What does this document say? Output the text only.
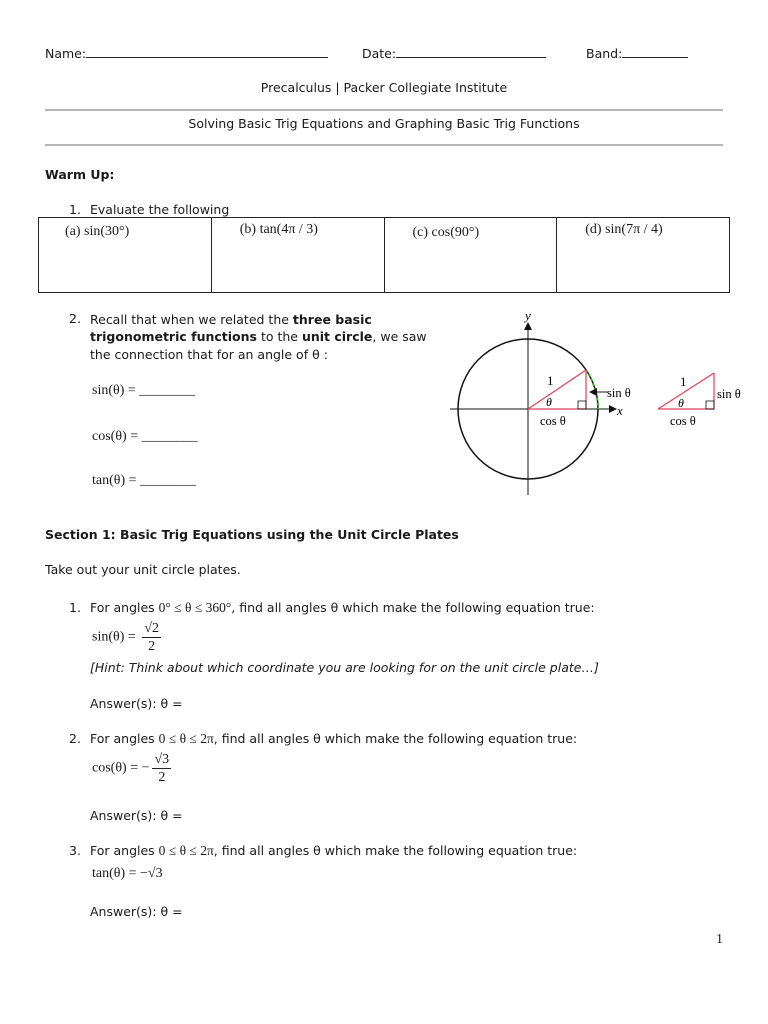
Name:	Date:	Band:
Precalculus | Packer Collegiate Institute
Solving Basic Trig Equations and Graphing Basic Trig Functions
Warm Up:
1. Evaluate the following
(a) sin(30°)	(b) tan(4π / 3)	(c) cos(90°)	(d) sin(7π / 4)
2. Recall that when we related the three basic
trigonometric functions to the unit circle, we saw
the connection that for an angle of θ :
sin(θ) = ________
cos(θ) = ________
tan(θ) = ________
y
x
1
θ
sin θ
cos θ
1
θ
sin θ
cos θ
Section 1: Basic Trig Equations using the Unit Circle Plates
Take out your unit circle plates.
1. For angles 0° ≤ θ ≤ 360°, find all angles θ which make the following equation true:
$\sin(\theta) = \frac{√2}{2}$
[Hint: Think about which coordinate you are looking for on the unit circle plate…]
Answer(s): θ =
2. For angles 0 ≤ θ ≤ 2π, find all angles θ which make the following equation true:
cos(θ) = − $\frac{√3}{2}$
Answer(s): θ =
3. For angles 0 ≤ θ ≤ 2π, find all angles θ which make the following equation true:
tan(θ) = −√3
Answer(s): θ =
1
